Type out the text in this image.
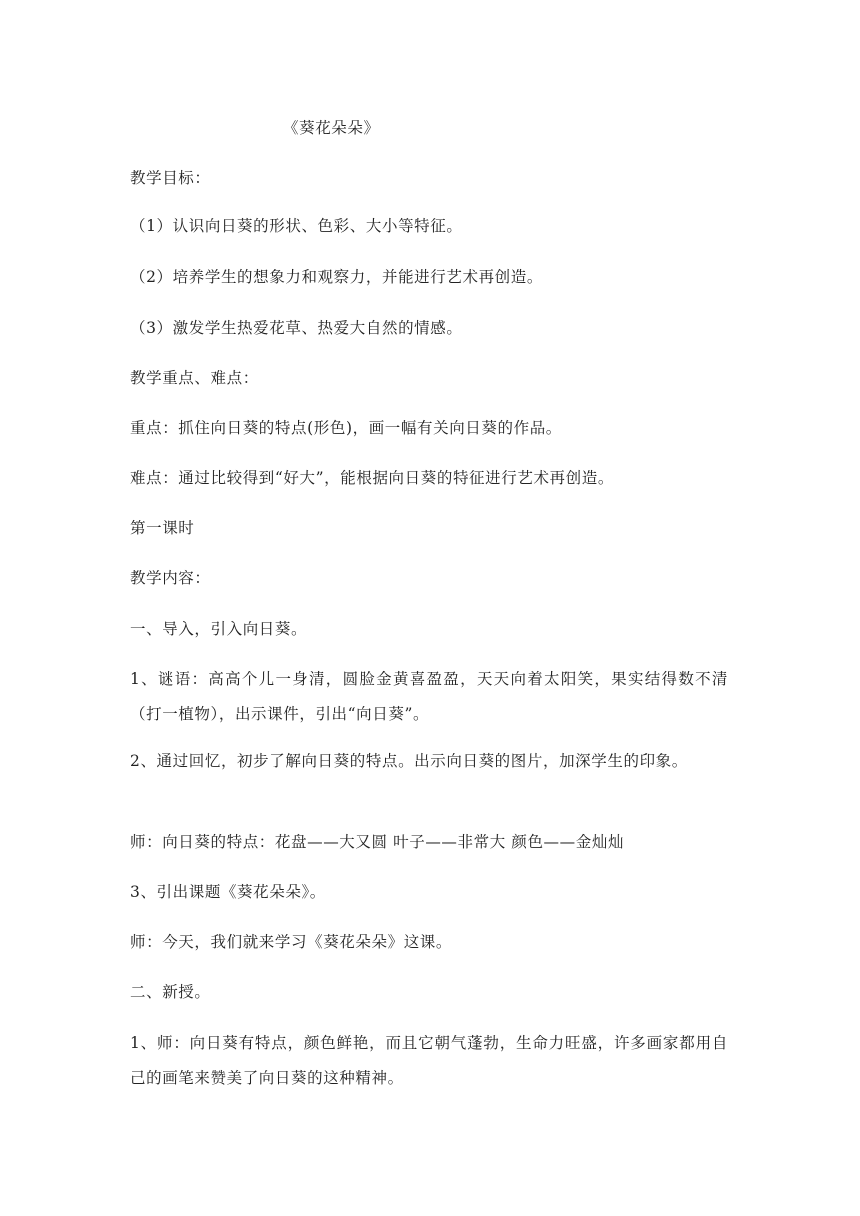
《葵花朵朵》
教学目标：
（1）认识向日葵的形状、色彩、大小等特征。
（2）培养学生的想象力和观察力，并能进行艺术再创造。
（3）激发学生热爱花草、热爱大自然的情感。
教学重点、难点：
重点：抓住向日葵的特点(形色)，画一幅有关向日葵的作品。
难点：通过比较得到“好大”，能根据向日葵的特征进行艺术再创造。
第一课时
教学内容：
一、导入，引入向日葵。
1、谜语：高高个儿一身清，圆脸金黄喜盈盈，天天向着太阳笑，果实结得数不清（打一植物），出示课件，引出“向日葵”。
2、通过回忆，初步了解向日葵的特点。出示向日葵的图片，加深学生的印象。
师：向日葵的特点：花盘——大又圆 叶子——非常大 颜色——金灿灿
3、引出课题《葵花朵朵》。
师：今天，我们就来学习《葵花朵朵》这课。
二、新授。
1、师：向日葵有特点，颜色鲜艳，而且它朝气蓬勃，生命力旺盛，许多画家都用自己的画笔来赞美了向日葵的这种精神。
